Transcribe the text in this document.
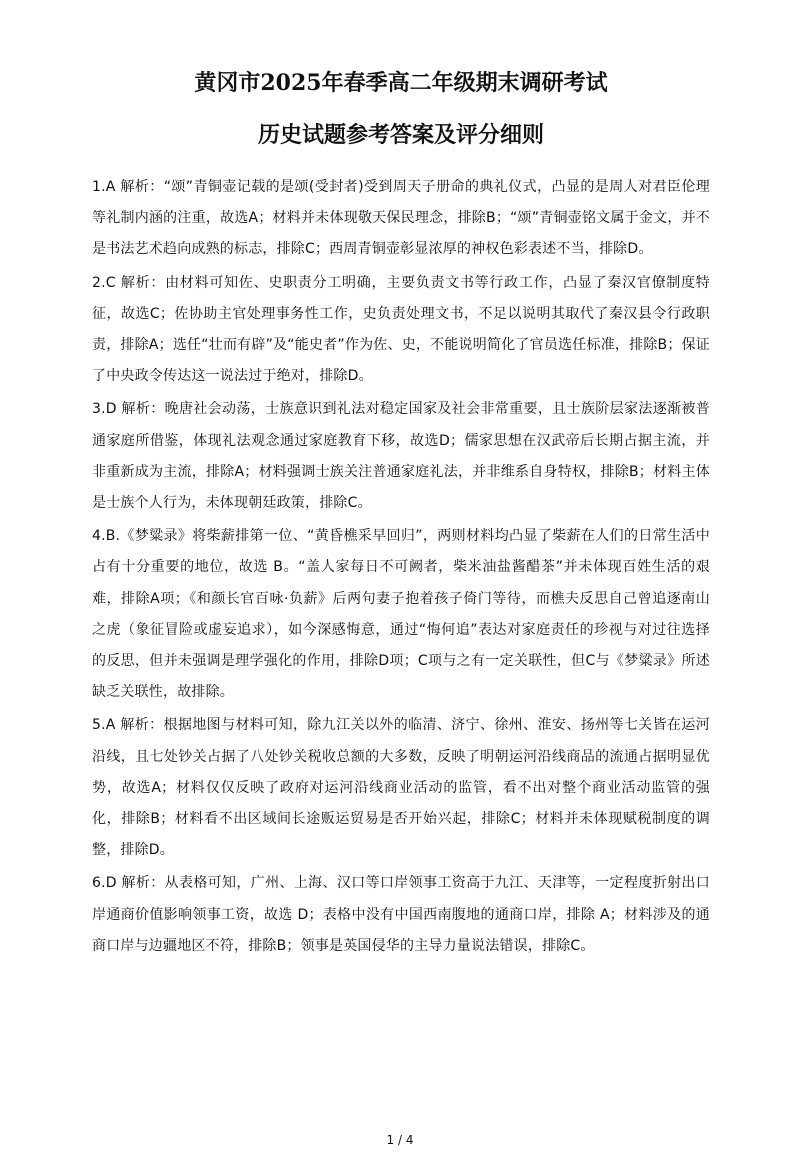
黄冈市2025年春季高二年级期末调研考试
历史试题参考答案及评分细则

1.A 解析：“颂”青铜壶记载的是颂(受封者)受到周天子册命的典礼仪式，凸显的是周人对君臣伦理等礼制内涵的注重，故选A；材料并未体现敬天保民理念，排除B；“颂”青铜壶铭文属于金文，并不是书法艺术趋向成熟的标志，排除C；西周青铜壶彰显浓厚的神权色彩表述不当，排除D。

2.C 解析：由材料可知佐、史职责分工明确，主要负责文书等行政工作，凸显了秦汉官僚制度特征，故选C；佐协助主官处理事务性工作，史负责处理文书，不足以说明其取代了秦汉县令行政职责，排除A；选任“壮而有辟”及“能史者”作为佐、史，不能说明简化了官员选任标准，排除B；保证了中央政令传达这一说法过于绝对，排除D。

3.D 解析：晚唐社会动荡，士族意识到礼法对稳定国家及社会非常重要，且士族阶层家法逐渐被普通家庭所借鉴，体现礼法观念通过家庭教育下移，故选D；儒家思想在汉武帝后长期占据主流，并非重新成为主流，排除A；材料强调士族关注普通家庭礼法，并非维系自身特权，排除B；材料主体是士族个人行为，未体现朝廷政策，排除C。

4.B.《梦粱录》将柴薪排第一位、“黄昏樵采早回归”，两则材料均凸显了柴薪在人们的日常生活中占有十分重要的地位，故选 B。“盖人家每日不可阙者，柴米油盐酱醋茶”并未体现百姓生活的艰难，排除A项；《和颜长官百咏·负薪》后两句妻子抱着孩子倚门等待，而樵夫反思自己曾追逐南山之虎（象征冒险或虚妄追求），如今深感悔意，通过“悔何追”表达对家庭责任的珍视与对过往选择的反思，但并未强调是理学强化的作用，排除D项；C项与之有一定关联性，但C与《梦粱录》所述缺乏关联性，故排除。

5.A 解析：根据地图与材料可知，除九江关以外的临清、济宁、徐州、淮安、扬州等七关皆在运河沿线，且七处钞关占据了八处钞关税收总额的大多数，反映了明朝运河沿线商品的流通占据明显优势，故选A；材料仅仅反映了政府对运河沿线商业活动的监管，看不出对整个商业活动监管的强化，排除B；材料看不出区域间长途贩运贸易是否开始兴起，排除C；材料并未体现赋税制度的调整，排除D。

6.D 解析：从表格可知，广州、上海、汉口等口岸领事工资高于九江、天津等，一定程度折射出口岸通商价值影响领事工资，故选 D；表格中没有中国西南腹地的通商口岸，排除 A；材料涉及的通商口岸与边疆地区不符，排除B；领事是英国侵华的主导力量说法错误，排除C。

1 / 4
